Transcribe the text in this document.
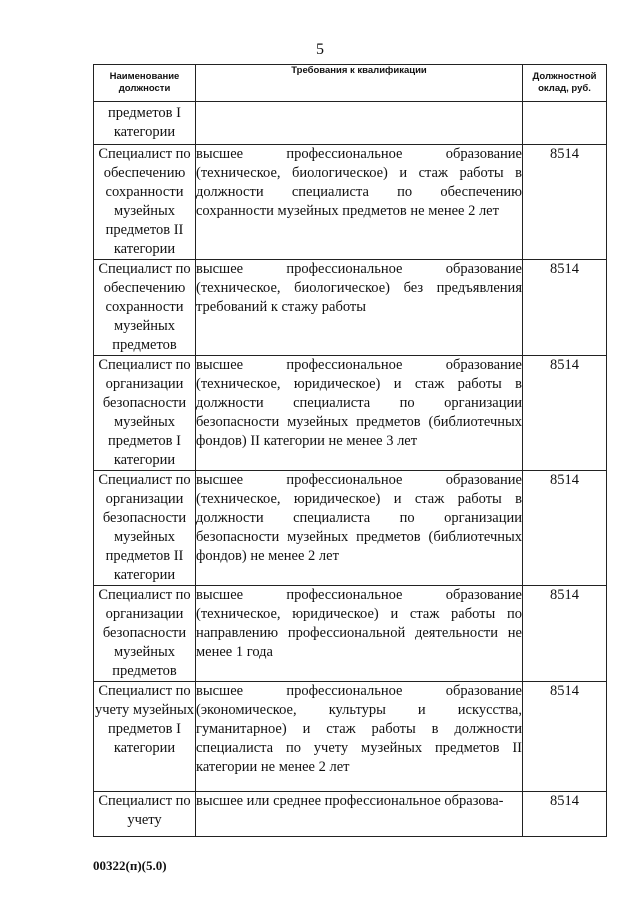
5
Наименование должности	Требования к квалификации	Должностной оклад, руб.
предметов I категории		
Специалист по обеспечению сохранности музейных предметов II категории	высшее профессиональное образование (техническое, биологическое) и стаж работы в должности специалиста по обеспечению сохранности музейных предметов не менее 2 лет	8514
Специалист по обеспечению сохранности музейных предметов	высшее профессиональное образование (техническое, биологическое) без предъявления требований к стажу работы	8514
Специалист по организации безопасности музейных предметов I категории	высшее профессиональное образование (техническое, юридическое) и стаж работы в должности специалиста по организации безопасности музейных предметов (библиотечных фондов) II категории не менее 3 лет	8514
Специалист по организации безопасности музейных предметов II категории	высшее профессиональное образование (техническое, юридическое) и стаж работы в должности специалиста по организации безопасности музейных предметов (библиотечных фондов) не менее 2 лет	8514
Специалист по организации безопасности музейных предметов	высшее профессиональное образование (техническое, юридическое) и стаж работы по направлению профессиональной деятельности не менее 1 года	8514
Специалист по учету музейных предметов I категории	высшее профессиональное образование (экономическое, культуры и искусства, гуманитарное) и стаж работы в должности специалиста по учету музейных предметов II категории не менее 2 лет	8514
Специалист по учету	высшее или среднее профессиональное образова-	8514
00322(п)(5.0)
